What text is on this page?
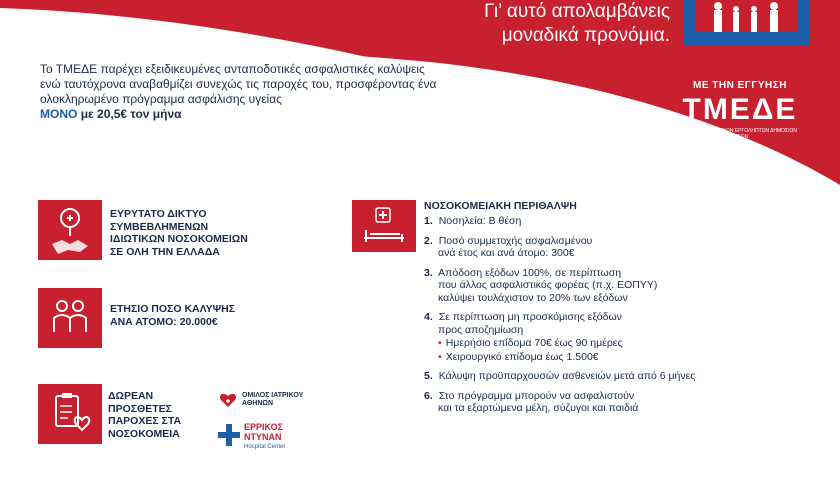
Γι’ αυτό απολαμβάνεις
μοναδικά προνόμια.
Το ΤΜΕΔΕ παρέχει εξειδικευμένες ανταποδοτικές ασφαλιστικές καλύψεις ενώ ταυτόχρονα αναβαθμίζει συνεχώς τις παροχές του, προσφέροντας ένα ολοκληρωμένο πρόγραμμα ασφάλισης υγείας
ΜΟΝΟ με 20,5€ τον μήνα
ΜΕ ΤΗΝ ΕΓΓΥΗΣΗ
ΤΜΕΔΕ
ΤΑΜΕΙΟ ΜΗΧΑΝΙΚΩΝ ΕΡΓΟΛΗΠΤΩΝ ΔΗΜΟΣΙΩΝ ΕΡΓΩΝ
ΕΥΡΥΤΑΤΟ ΔΙΚΤΥΟ
ΣΥΜΒΕΒΛΗΜΕΝΩΝ
ΙΔΙΩΤΙΚΩΝ ΝΟΣΟΚΟΜΕΙΩΝ
ΣΕ ΟΛΗ ΤΗΝ ΕΛΛΑΔΑ
ΕΤΗΣΙΟ ΠΟΣΟ ΚΑΛΥΨΗΣ
ΑΝΑ ΑΤΟΜΟ: 20.000€
ΔΩΡΕΑΝ
ΠΡΟΣΘΕΤΕΣ
ΠΑΡΟΧΕΣ ΣΤΑ
ΝΟΣΟΚΟΜΕΙΑ
ΟΜΙΛΟΣ ΙΑΤΡΙΚΟΥ
ΑΘΗΝΩΝ
ΕΡΡΙΚΟΣ
ΝΤΥΝΑΝ
Hospital Center
ΝΟΣΟΚΟΜΕΙΑΚΗ ΠΕΡΙΘΑΛΨΗ
1. Νοσηλεία: Β θέση
2. Ποσό συμμετοχής ασφαλισμένου
ανά έτος και ανά άτομο: 300€
3. Απόδοση εξόδων 100%, σε περίπτωση
που άλλος ασφαλιστικός φορέας (π.χ. ΕΟΠΥΥ)
καλύψει τουλάχιστον το 20% των εξόδων
4. Σε περίπτωση μη προσκόμισης εξόδων
προς αποζημίωση
• Ημερήσιο επίδομα 70€ έως 90 ημέρες
• Χειρουργικό επίδομα έως 1.500€
5. Κάλυψη προϋπαρχουσών ασθενειών μετά από 6 μήνες
6. Στο πρόγραμμα μπορούν να ασφαλιστούν
και τα εξαρτώμενα μέλη, σύζυγοι και παιδιά
